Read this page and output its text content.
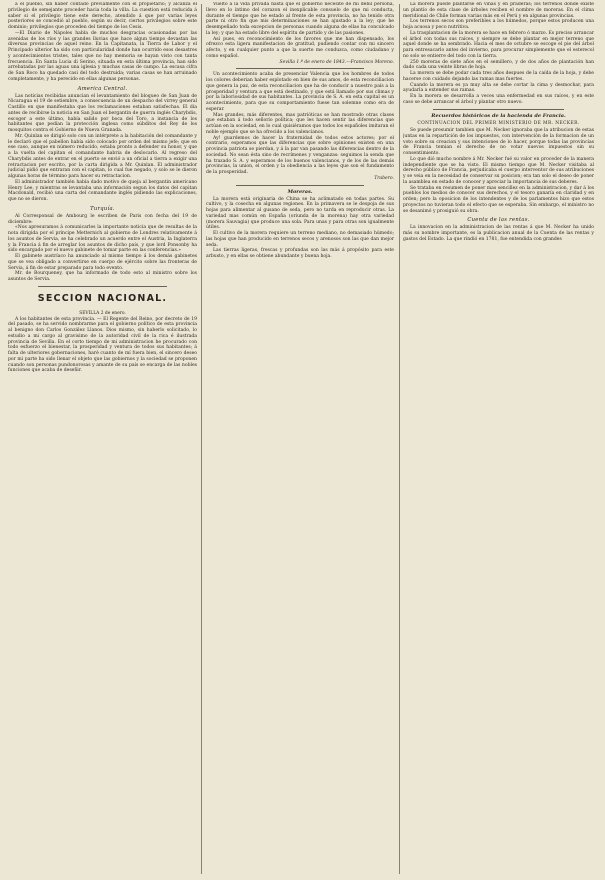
á él pueblo, sin haber contado previamente con el propietario; y alcanza el privilegio de semejante proceder hacia toda la villa. La cuestion está reducida á saber si el privilegio tiene este derecho, atendido á que por varias leyes posteriores se concedió al pueblo, según su decir, ciertos privilegios sobre este dominio; privilegios que proceden del tiempo de los Cesis.

—El Diario de Nápoles habla de muchos desgracias ocasionadas por las avenidas de los ríos y las grandes lluvias que hace algun tiempo devastan las diversas provincias de aquel reino. En la Capitanata, la Tierra de Labor y el Principado ulterior ha sido con particularidad donde han ocurrido esos desastres y acontecimientos tristes, tales que no hay memoria se hayan visto con tanta frecuencia. En Santa Lucia di Serino, situada en esta última provincia, han sido arrebatadas por las aguas una iglesia y muchas casas de campo. La escasa cifra de San Roco ha quedado casi del todo destruida; varias casas se han arruinado completamente, y ha perecido en ellas algunas personas.

America Central.

Las noticias recibidas anuncian el levantamiento del bloqueo de San Juan de Nicaragua el 19 de setiembre, a consecuencia de un despacho del virrey general Castillo en que manifestaba que los reclamaciones estaban satisfechas. El día antes de recibirse la noticia en San Juan el bergantin de guerra inglés Charybdis, escoger a este último, había salido por boca del Toro, a instancia de los habitantes que pedían la protección inglesa como súbditos del Rey de los mosquitos contra el Gobierno de Nueva Granada.

Mr. Quinlan se dirigió solo con un intérprete a la habitación del comandante y le declaró que el pabellon había sido colocado por orden del mismo jefe; que en ese caso, aunque en número reducido, estaba pronto a defender su honor, y que a la vuelta del capitan el comandante habria de deslocarlo. Al regreso del Charybdis antes de entrar en el puerto se envió a un oficial a tierra a exigir una retractacion por escrito, por la carta dirigida a Mr. Quinlan. El administrador judicial pidió que entraran con el capitan, lo cual fue negado, y solo se le dieron algunas horas de término para hacer su retractacion.

El administrador también había dado motivo de queja al bergantin americano Henry Lee, y mientras se levantaba una información segun los datos del capitan Macdonald, recibió una carta del comandante inglés pidiendo las explicaciones, que no se dieron.

Turquía.

Al Corresponsal de Ambourg le escriben de Paris con fecha del 19 de diciembre:

«Nos apresuramos á comunicarles la importante noticia que de resultas de la nota dirigida por el príncipe Metternich al gobierno de Londres relativamente á los asuntos de Servia, se ha celebrado un acuerdo entre el Austria, la Inglaterra y la Francia á fin de arreglar los asuntos de dicho país, y que lord Ponsonby ha sido encargado por el nuevo gabinete de tomar parte en las conferencias.»

El gabinete austríaco ha anunciado al mismo tiempo á los demás gabinetes que se vea obligado a convertirse en cuerpo de ejército sobre las fronteras de Servia, á fin de estar preparado para todo evento.

Mr. de Bourqueney, que ha informado de todo esto al ministro sobre los asuntos de Servia.

SECCION NACIONAL.

SEVILLA 2 de enero.

A los habitantes de esta provincia. — El Regente del Reino, por decreto de 19 del pasado, se ha servido nombrarme para el gobierno político de esta provincia al benigno don Carlos González Llanos. Dios mismo, sin haberlo solicitado, lo estudio a mi cargo al gravisimo de la autoridad civil de la rica é ilustrada provincia de Sevilla. En el corto tiempo de mi administracion he procurado con todo esfuerzo el bienestar, la prosperidad y ventura de todos sus habitantes; á falta de ulteriores gobernaciones, haré cuanto de mí fuera bien, el sincero deseo por mi parte ha sido llenar el objeto que las gobiernos y la sociedad se proponen cuando son personas pundonorosas y amante de su país se encarga de las nobles funciones que acaba de deseñir.

Vuelto a la vida privada hasta que el gobierno necesite de mi débil persona, llevo en lo íntimo del corazon el inexplicable consuelo de que mi conducta, durante el tiempo que he estado al frente de esta provincia, no ha tenido otra parte ni otro fin que mis determinaciones se han ajustado a la ley; que he desempeñado toda excepcion de personas cuando alguna de ellas ha conculcado la ley; y que ha estado libre del espíritu de partido y de las pasiones.

Así pues, en reconocimiento de los favores que me han dispensado, los ofrezco esta ligera manifestacion de gratitud, pudiendo contar con mi sincero afecto, y en cualquier punto a que la suerte me conduzca, como ciudadano y como español.

Sevilla 1.º de enero de 1843.—Francisco Moreno.

Un acontecimiento acaba de presenciar Valencia que los hombres de todos los colores deberian haber esplotado en bien de sus amos, de esta reconciliacion que genera la paz, de esta reconciliacion que ha de conducir a nuestro país a la prosperidad y ventura a que está destinado, y que está llamado por sus climas y por la laboriosidad de sus habitantes. La provincia de S. A. en esta capital es un acontecimiento, para que su comportamiento fuese tan solemne como era de esperar.

Mas grandes, más diferentes, mas patrióticas se han mostrado otras clases que estaban á todo señorío política; que les hacen sentir las diferencias que actúan en la sociedad, en lo cual quisiéramos que todos los españoles imitaran el noble ejemplo que se ha ofrecido a los valencianos.

Ay! guardemos de hacer la fraternidad de todos estos actores; por el contrario, esperamos que las diferencias que sobre opiniones existen en una provincia patriota se pierdan, y á la par van pasando las diferencias dentro de la sociedad. No sean ésta sino de recrímenes y venganzas: seguimos la senda que ha trazado S. A. y esperamos de los buenos valencianos, y de los de las demás provincias, la union, el orden y la obediencia a las leyes que son el fundamento de la prosperidad.

Trabero.

Moreras.

La morera está originaria de China se ha aclimatado en todas partes. Su cultivo, y la cosecha en algunas regiones. En la primavera se le despoja de sus hojas para alimentar al gusano de seda, pero no tarda en reproducir otras. La variedad mas común en España (oriunda de la morena) hay otra variedad (morera Sauvagia) que produce una sola. Para unas y para otras son igualmente útiles.

El cultivo de la morera requiere un terreno mediano, no demasiado húmedo; las hojas que han producido en terrenos secos y arenosos son las que dan mejor seda.

Las tierras ligeras, frescas y profundas son las más á propósito para este arbusto, y en ellas se obtiene abundante y buena hoja.

La morera puede plantarse en viñas y en praderas; los terrenos donde existe un plantío de esta clase de árboles reciben el nombre de moreras. En el clima meridional de Chile forman varias más en el Perú y en algunas provincias.

Los terrenos secos son preferibles a los húmedos, porque estos producen una hoja acuosa y poco nutritiva.

La trasplantacion de la morera se hace en febrero ó marzo. Es preciso arrancar el árbol con todas sus raíces, y siempre se debe plantar en mejor terreno que aquel donde se ha sembrado. Hacia el mes de octubre se escoge el pie del árbol para entresacarlo antes del invierno, para procurar simplemente que el esterecol no solo se entierre del todo con la tierra.

250 moreras de siete años en el semillero, y de dos años de plantación han dado cada una veinte libras de hoja.

La morera se debe podar cada tres años despues de la caída de la hoja, y debe hacerse con cuidado dejando las ramas mas fuertes.

Cuando la morera es ya muy alta se debe cortar la cima y desmochar, para ayudarla a extender sus ramas.

En la morera se desarrolla a veces una enfermedad en sus raíces, y en este caso se debe arrancar el árbol y plantar otro nuevo.

Recuerdos históricos de la hacienda de Francia.
CONTINUACION DEL PRIMER MINISTERIO DE MR. NECKER.

Se puede presumir tambien que M. Necker ignoraba que la atribucion de estas juntas en la repartición de los impuestos, con intervención de la formacion de un voto sobre su creacion y sus intenciones de lo hacer, porque todas las provincias de Francia temian el derecho de no votar nuevos impuestos sin su consentimiento.

Lo que dió mucho nombre á Mr. Necker fué su valor en proceder de la manera independiente que se ha visto. El mismo tiempo que M. Necker visitaba al derecho público de Francia, perjudicaba el cuerpo interventor de sus atribuciones y se veia en la necesidad de conservar su posicion; era tan solo el deseo de poner la asamblea en estado de conocer y apreciar la importancia de sus deberes.

Se trataba en resumen de poner mas sencillez en la administracion, y dar á los pueblos los medios de conocer sus derechos, y el tesoro ganaría en claridad y en orden; pero la oposicion de los intendentes y de los parlamentos hizo que estos proyectos no tuvieran todo el efecto que se esperaba. Sin embargo, el ministro no se desanimó y prosiguió su obra.

Cuenta de las rentas.

La innovacion en la administracion de las rentas á que M. Necker ha unido más su nombre importante, es la publicacion anual de la Cuenta de las rentas y gastos del Estado. La que rindió en 1781, fue entendida con grandes
